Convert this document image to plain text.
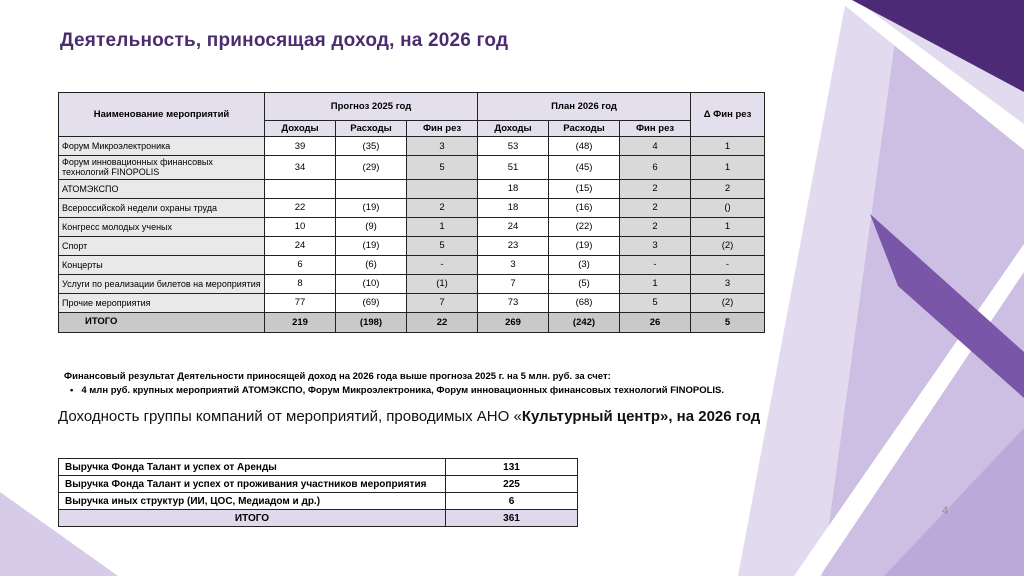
Деятельность, приносящая доход, на 2026 год
Наименование мероприятий	Прогноз 2025 год			План 2026 год			Δ Фин рез
	Доходы	Расходы	Фин рез	Доходы	Расходы	Фин рез	
Форум Микроэлектроника	39	(35)	3	53	(48)	4	1
Форум инновационных финансовых технологий FINOPOLIS	34	(29)	5	51	(45)	6	1
АТОМЭКСПО				18	(15)	2	2
Всероссийской недели охраны труда	22	(19)	2	18	(16)	2	()
Конгресс молодых ученых	10	(9)	1	24	(22)	2	1
Спорт	24	(19)	5	23	(19)	3	(2)
Концерты	6	(6)	-	3	(3)	-	-
Услуги по реализации билетов на мероприятия	8	(10)	(1)	7	(5)	1	3
Прочие мероприятия	77	(69)	7	73	(68)	5	(2)
ИТОГО	219	(198)	22	269	(242)	26	5
Финансовый результат Деятельности приносящей доход на 2026 года выше прогноза 2025 г. на 5 млн. руб. за счет:
• 4 млн руб. крупных мероприятий АТОМЭКСПО, Форум Микроэлектроника, Форум инновационных финансовых технологий FINOPOLIS.
Доходность группы компаний от мероприятий, проводимых АНО «Культурный центр», на 2026 год
Выручка Фонда Талант и успех от Аренды	131
Выручка Фонда Талант и успех от проживания участников мероприятия	225
Выручка иных структур (ИИ, ЦОС, Медиадом и др.)	6
ИТОГО	361
4
